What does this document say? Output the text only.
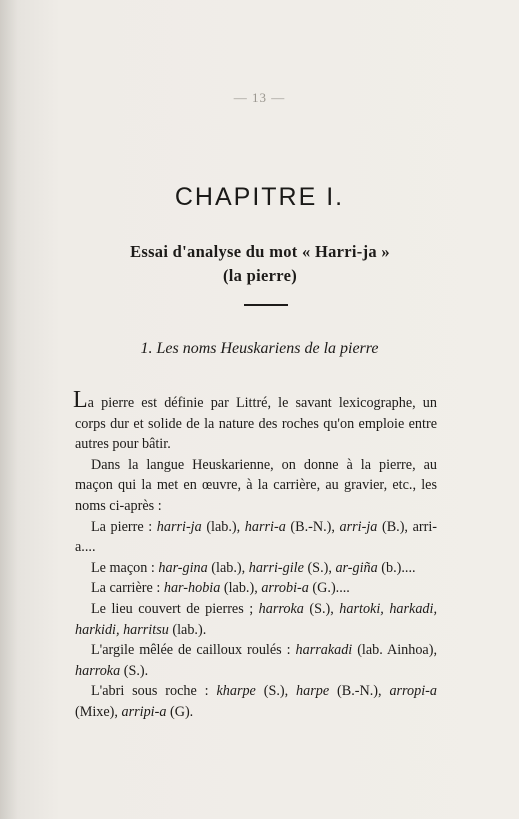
— 13 —
CHAPITRE I.
Essai d'analyse du mot « Harri-ja »
(la pierre)
1. Les noms Heuskariens de la pierre

La pierre est définie par Littré, le savant lexicographe, un corps dur et solide de la nature des roches qu'on emploie entre autres pour bâtir.

Dans la langue Heuskarienne, on donne à la pierre, au maçon qui la met en œuvre, à la carrière, au gravier, etc., les noms ci-après :

La pierre : harri-ja (lab.), harri-a (B.-N.), arri-ja (B.), arri-a....

Le maçon : har-gina (lab.), harri-gile (S.), ar-giña (b.)....

La carrière : har-hobia (lab.), arrobi-a (G.)....

Le lieu couvert de pierres ; harroka (S.), hartoki, harkadi, harkidi, harritsu (lab.).

L'argile mêlée de cailloux roulés : harrakadi (lab. Ainhoa), harroka (S.).

L'abri sous roche : kharpe (S.), harpe (B.-N.), arropi-a (Mixe), arripi-a (G).
